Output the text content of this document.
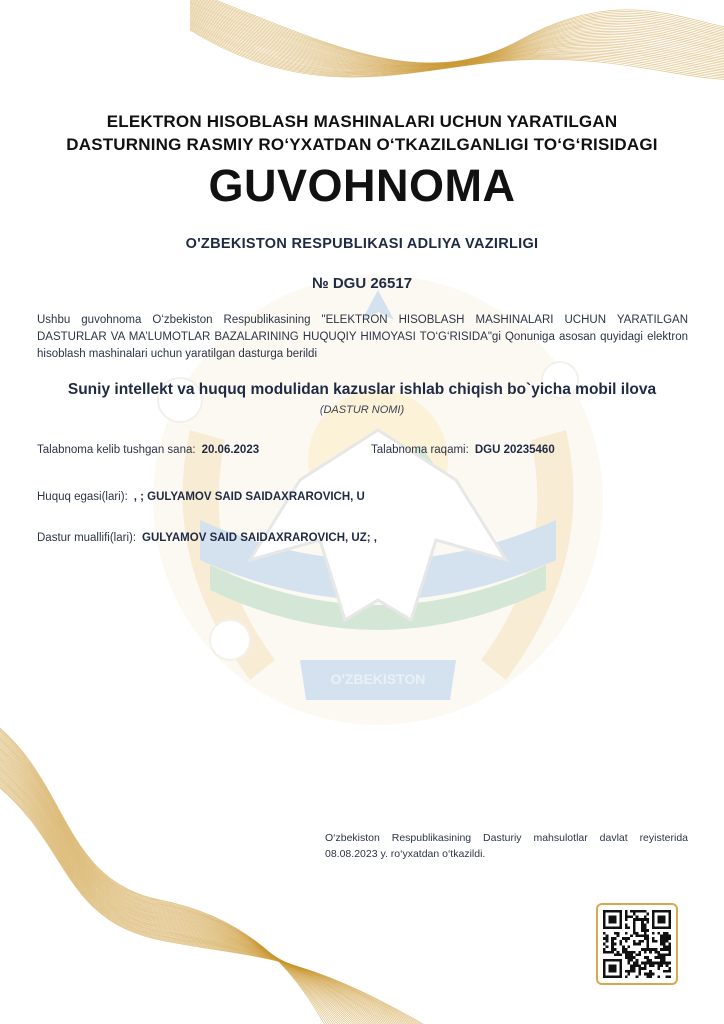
O'ZBEKISTON
ELEKTRON HISOBLASH MASHINALARI UCHUN YARATILGAN
DASTURNING RASMIY RO‘YXATDAN O‘TKAZILGANLIGI TO‘G‘RISIDAGI
GUVOHNOMA
O'ZBEKISTON RESPUBLIKASI ADLIYA VAZIRLIGI
№ DGU 26517
Ushbu guvohnoma O‘zbekiston Respublikasining "ELEKTRON HISOBLASH MASHINALARI UCHUN YARATILGAN DASTURLAR VA MA’LUMOTLAR BAZALARINING HUQUQIY HIMOYASI TO‘G‘RISIDA"gi Qonuniga asosan quyidagi elektron hisoblash mashinalari uchun yaratilgan dasturga berildi
Suniy intellekt va huquq modulidan kazuslar ishlab chiqish bo`yicha mobil ilova
(DASTUR NOMI)
Talabnoma kelib tushgan sana: 20.06.2023	Talabnoma raqami: DGU 20235460
Huquq egasi(lari): , ; GULYAMOV SAID SAIDAXRAROVICH, U
Dastur muallifi(lari): GULYAMOV SAID SAIDAXRAROVICH, UZ; ,
O‘zbekiston Respublikasining Dasturiy mahsulotlar davlat reyisterida 08.08.2023 y. ro‘yxatdan o‘tkazildi.
